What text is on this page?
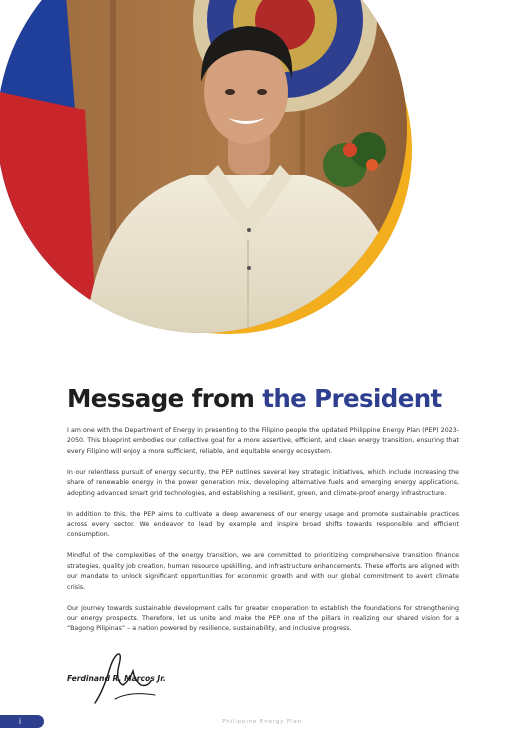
Message from the President

I am one with the Department of Energy in presenting to the Filipino people the updated Philippine Energy Plan (PEP) 2023-2050. This blueprint embodies our collective goal for a more assertive, efficient, and clean energy transition, ensuring that every Filipino will enjoy a more sufficient, reliable, and equitable energy ecosystem.

In our relentless pursuit of energy security, the PEP outlines several key strategic initiatives, which include increasing the share of renewable energy in the power generation mix, developing alternative fuels and emerging energy applications, adopting advanced smart grid technologies, and establishing a resilient, green, and climate-proof energy infrastructure.

In addition to this, the PEP aims to cultivate a deep awareness of our energy usage and promote sustainable practices across every sector. We endeavor to lead by example and inspire broad shifts towards responsible and efficient consumption.

Mindful of the complexities of the energy transition, we are committed to prioritizing comprehensive transition finance strategies, quality job creation, human resource upskilling, and infrastructure enhancements. These efforts are aligned with our mandate to unlock significant opportunities for economic growth and with our global commitment to avert climate crisis.

Our journey towards sustainable development calls for greater cooperation to establish the foundations for strengthening our energy prospects. Therefore, let us unite and make the PEP one of the pillars in realizing our shared vision for a “Bagong Pilipinas” – a nation powered by resilience, sustainability, and inclusive progress.

Ferdinand R. Marcos Jr.
i	Philippine Energy Plan
